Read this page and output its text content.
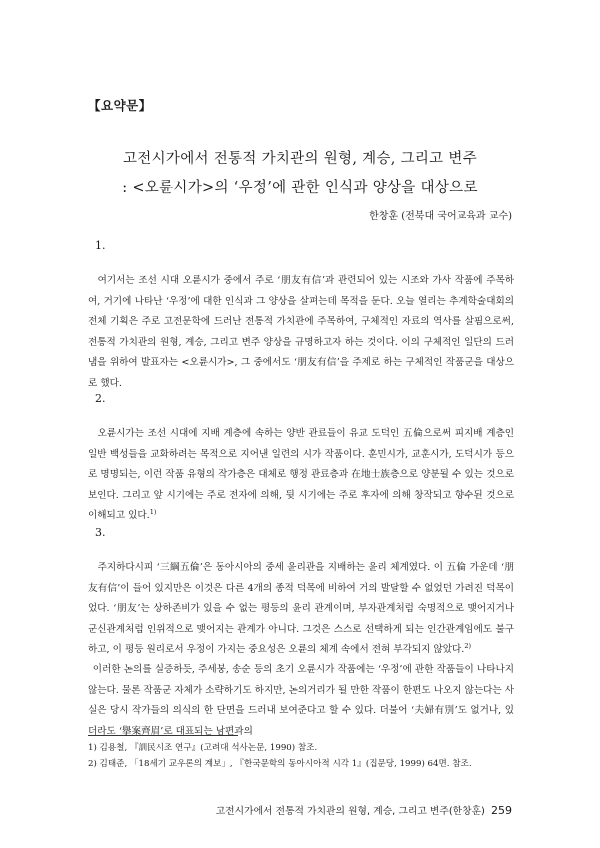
【요약문】
고전시가에서 전통적 가치관의 원형, 계승, 그리고 변주
: <오륜시가>의 ‘우정’에 관한 인식과 양상을 대상으로
한창훈 (전북대 국어교육과 교수)
1.

여기서는 조선 시대 오륜시가 중에서 주로 ‘朋友有信’과 관련되어 있는 시조와 가사 작품에 주목하여, 거기에 나타난 ‘우정’에 대한 인식과 그 양상을 살펴는데 목적을 둔다. 오늘 열리는 추계학술대회의 전체 기획은 주로 고전문학에 드러난 전통적 가치관에 주목하여, 구체적인 자료의 역사를 살핌으로써, 전통적 가치관의 원형, 계승, 그리고 변주 양상을 규명하고자 하는 것이다. 이의 구체적인 일단의 드러냄을 위하여 발표자는 <오륜시가>, 그 중에서도 ‘朋友有信’을 주제로 하는 구체적인 작품군을 대상으로 했다.

2.

오륜시가는 조선 시대에 지배 계층에 속하는 양반 관료들이 유교 도덕인 五倫으로써 피지배 계층인 일반 백성들을 교화하려는 목적으로 지어낸 일련의 시가 작품이다. 훈민시가, 교훈시가, 도덕시가 등으로 명명되는, 이런 작품 유형의 작가층은 대체로 행정 관료층과 在地士族층으로 양분될 수 있는 것으로 보인다. 그리고 앞 시기에는 주로 전자에 의해, 뒷 시기에는 주로 후자에 의해 창작되고 향수된 것으로 이해되고 있다.$^{1)}$

3.

주지하다시피 ‘三綱五倫’은 동아시아의 중세 윤리관을 지배하는 윤리 체계였다. 이 五倫 가운데 ‘朋友有信’이 들어 있지만은 이것은 다른 4개의 종적 덕목에 비하여 거의 발달할 수 없었던 가려진 덕목이었다. ‘朋友’는 상하존비가 있을 수 없는 평등의 윤리 관계이며, 부자관계처럼 숙명적으로 맺어지거나 군신관계처럼 인위적으로 맺어지는 관계가 아니다. 그것은 스스로 선택하게 되는 인간관계임에도 불구하고, 이 평등 원리로서 우정이 가지는 중요성은 오륜의 체계 속에서 전혀 부각되지 않았다.$^{2)}$

이러한 논의를 실증하듯, 주세붕, 송순 등의 초기 오륜시가 작품에는 ‘우정’에 관한 작품들이 나타나지 않는다. 물론 작품군 자체가 소략하기도 하지만, 논의거리가 될 만한 작품이 한편도 나오지 않는다는 사실은 당시 작가들의 의식의 한 단면을 드러내 보여준다고 할 수 있다. 더불어 ‘夫婦有別’도 없거나, 있더라도 ‘擧案齊眉’로 대표되는 남편과의

1) 김용철, 『訓民시조 연구』(고려대 석사논문, 1990) 참조.
2) 김태준, 「18세기 교우론의 계보」, 『한국문학의 동아시아적 시각 1』(집문당, 1999) 64면. 참조.
고전시가에서 전통적 가치관의 원형, 계승, 그리고 변주(한창훈) 259
